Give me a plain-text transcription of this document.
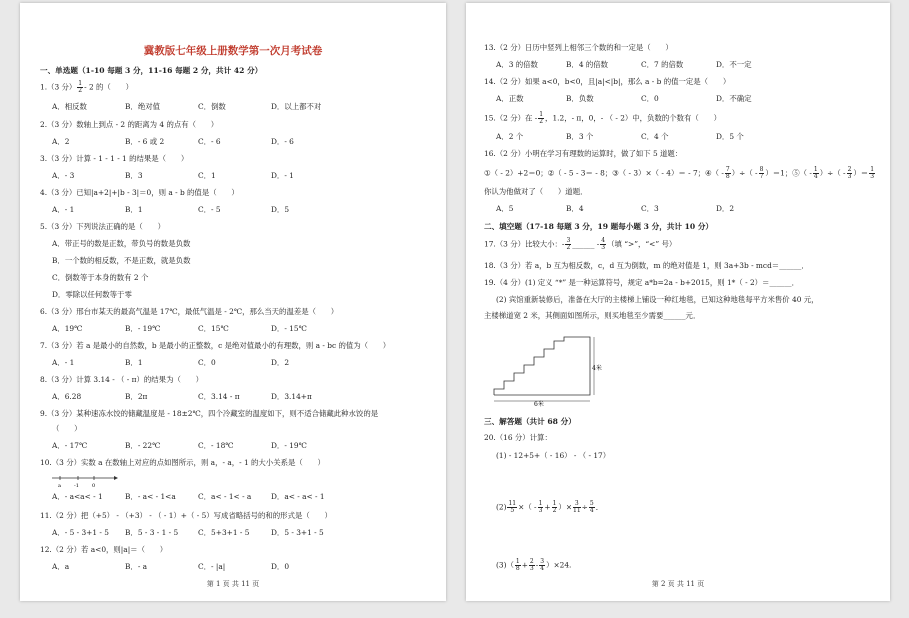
冀教版七年级上册数学第一次月考试卷
一、单选题（1-10 每题 3 分，11-16 每题 2 分，共计 42 分）
1.（3 分） $\frac{1}{2} - 2$ 的（　　）
A．相反数	B．绝对值	C．倒数	D．以上都不对
2.（3 分）数轴上到点 - 2 的距离为 4 的点有（　　）
A．2	B．- 6 或 2	C．- 6	D．- 6
3.（3 分）计算 - 1 - 1 - 1 的结果是（　　）
A．- 3	B．3	C．1	D．- 1
4.（3 分）已知|a+2|+|b - 3|＝0，则 a - b 的值是（　　）
A．- 1	B．1	C．- 5	D．5
5.（3 分）下列说法正确的是（　　）
A．带正号的数是正数，带负号的数是负数
B．一个数的相反数，不是正数，就是负数
C．倒数等于本身的数有 2 个
D．零除以任何数等于零
6.（3 分）邢台市某天的最高气温是 17℃，最低气温是 - 2℃，那么当天的温差是（　　）
A．19℃	B．- 19℃	C．15℃	D．- 15℃
7.（3 分）若 a 是最小的自然数，b 是最小的正整数，c 是绝对值最小的有理数，则 a - bc 的值为（　　）
A．- 1	B．1	C．0	D．2
8.（3 分）计算 3.14 - （ - π）的结果为（　　）
A．6.28	B．2π	C．3.14 - π	D．3.14+π
9.（3 分）某种速冻水饺的储藏温度是 - 18±2℃，四个冷藏室的温度如下，则不适合储藏此种水饺的是
（　　）
A．- 17℃	B．- 22℃	C．- 18℃	D．- 19℃
10.（3 分）实数 a 在数轴上对应的点如图所示，则 a，- a，- 1 的大小关系是（　　）
a	-1	0
A．- a<a< - 1	B．- a< - 1<a	C．a< - 1< - a	D．a< - a< - 1
11.（2 分）把（+5） - （+3） - （ - 1）+（ - 5）写成省略括号的和的形式是（　　）
A．- 5 - 3+1 - 5 B．5 - 3 - 1 - 5	C．5+3+1 - 5	D．5 - 3+1 - 5
12.（2 分）若 a<0，则|a|＝（　　）
A．a	B．- a	C．- |a|	D．0
第 1 页 共 11 页
13.（2 分）日历中竖列上相邻三个数的和一定是（　　）
A．3 的倍数	B．4 的倍数	C．7 的倍数	D．不一定
14.（2 分）如果 a<0，b<0，且|a|<|b|，那么 a - b 的值一定是（　　）
A．正数	B．负数	C．0	D．不确定
15.（2 分）在 - $\frac{1}{2}$ ，1.2，- π，0，- （ - 2）中，负数的个数有（　　）
A．2 个	B．3 个	C．4 个	D．5 个
16.（2 分）小明在学习有理数的运算时，做了如下 5 道题：
①（ - 2）+2＝0；②（ - 5 - 3＝ - 8；③（ - 3）×（ - 4）＝ - 7；④（ - $\frac{7}{8}$ ）÷（ - $\frac{8}{7} )=1$；⑤（ - $\frac{1}{4}$ ）÷（ - $\frac{2}{3}$ ）＝ $\frac{1}{3}$
你认为他做对了（　　）道题．
A．5	B．4	C．3	D．2
二、填空题（17-18 每题 3 分，19 题每小题 3 分，共计 10 分）
17.（3 分）比较大小：- $\frac{3}{2}$ ______ - $\frac{4}{3}$ （填 “>”，“<” 号）
18.（3 分）若 a，b 互为相反数，c，d 互为倒数，m 的绝对值是 1，则 3a+3b - mcd＝______．
19.（4 分）(1) 定义 “*” 是一种运算符号，规定 a*b=2a - b+2015，则 1*（ - 2）＝______．
(2) 宾馆重新装修后，准备在大厅的主楼梯上铺设一种红地毯，已知这种地毯每平方米售价 40 元，
主楼梯道宽 2 米，其侧面如图所示，则买地毯至少需要______元．
4米
6米
三、解答题（共计 68 分）
20.（16 分）计算：
(1) - 12+5+（ - 16） - （ - 17）
$(2) \frac{11}{5}$ ×（ - $\frac{1}{3} + \frac{1}{2}$ ）× $\frac{3}{11} \div \frac{5}{4}$ ．
$(3)( \frac{1}{8} + \frac{2}{3} - \frac{3}{4} )\times 24$.
第 2 页 共 11 页
